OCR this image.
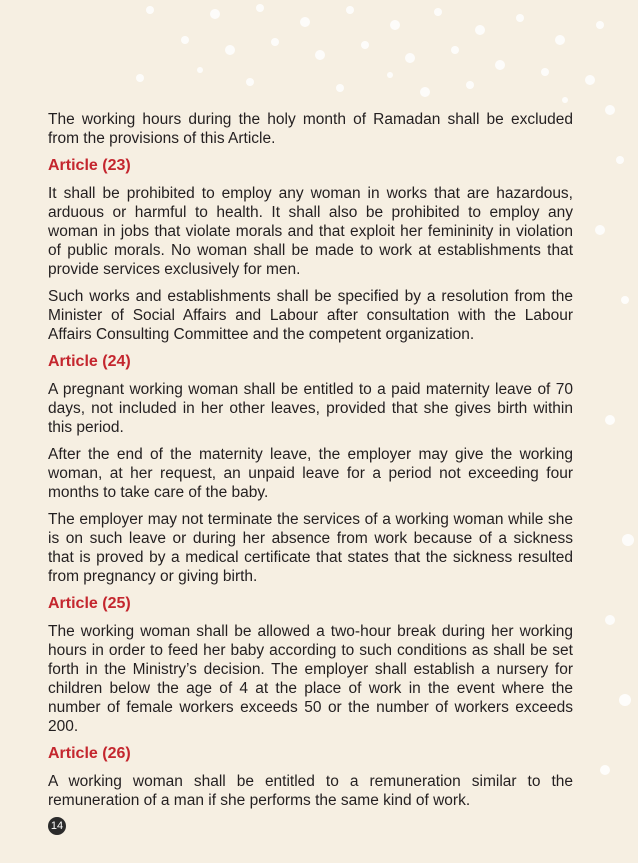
The working hours during the holy month of Ramadan shall be excluded from the provisions of this Article.

Article (23)

It shall be prohibited to employ any woman in works that are hazardous, arduous or harmful to health. It shall also be prohibited to employ any woman in jobs that violate morals and that exploit her femininity in violation of public morals. No woman shall be made to work at establishments that provide services exclusively for men.

Such works and establishments shall be specified by a resolution from the Minister of Social Affairs and Labour after consultation with the Labour Affairs Consulting Committee and the competent organization.

Article (24)

A pregnant working woman shall be entitled to a paid maternity leave of 70 days, not included in her other leaves, provided that she gives birth within this period.

After the end of the maternity leave, the employer may give the working woman, at her request, an unpaid leave for a period not exceeding four months to take care of the baby.

The employer may not terminate the services of a working woman while she is on such leave or during her absence from work because of a sickness that is proved by a medical certificate that states that the sickness resulted from pregnancy or giving birth.

Article (25)

The working woman shall be allowed a two-hour break during her working hours in order to feed her baby according to such conditions as shall be set forth in the Ministry’s decision. The employer shall establish a nursery for children below the age of 4 at the place of work in the event where the number of female workers exceeds 50 or the number of workers exceeds 200.

Article (26)

A working woman shall be entitled to a remuneration similar to the remuneration of a man if she performs the same kind of work.

14
